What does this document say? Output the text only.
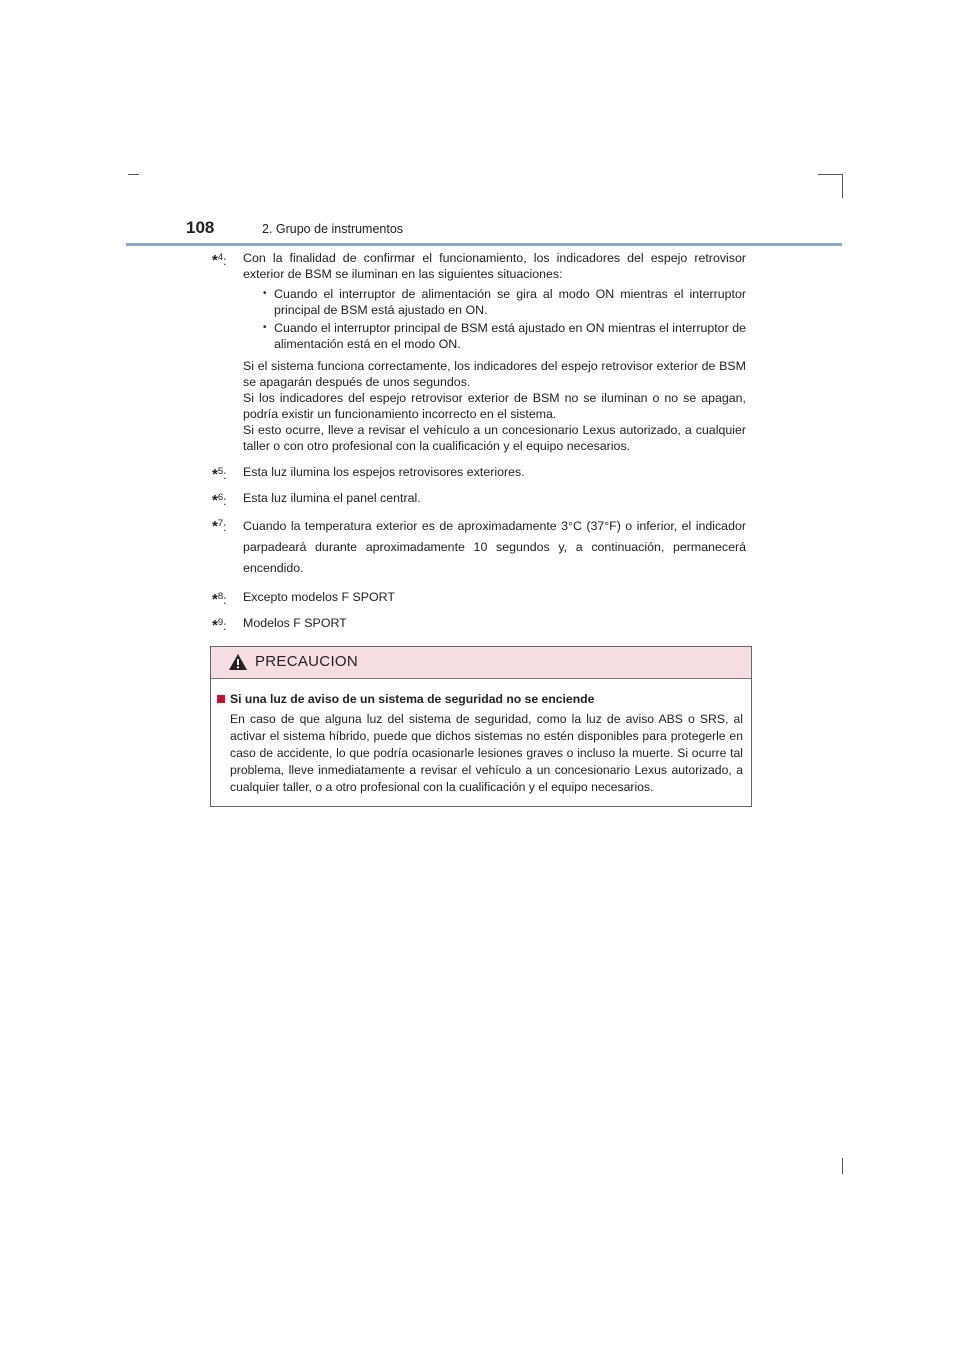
108	2. Grupo de instrumentos
*$^4$: Con la finalidad de confirmar el funcionamiento, los indicadores del espejo retrovisor exterior de BSM se iluminan en las siguientes situaciones:

• Cuando el interruptor de alimentación se gira al modo ON mientras el interruptor principal de BSM está ajustado en ON.
• Cuando el interruptor principal de BSM está ajustado en ON mientras el interruptor de alimentación está en el modo ON.
Si el sistema funciona correctamente, los indicadores del espejo retrovisor exterior de BSM se apagarán después de unos segundos.
Si los indicadores del espejo retrovisor exterior de BSM no se iluminan o no se apagan, podría existir un funcionamiento incorrecto en el sistema.
Si esto ocurre, lleve a revisar el vehículo a un concesionario Lexus autorizado, a cualquier taller o con otro profesional con la cualificación y el equipo necesarios.
*$^5$: Esta luz ilumina los espejos retrovisores exteriores.

*$^6$: Esta luz ilumina el panel central.

*$^7$: Cuando la temperatura exterior es de aproximadamente 3°C (37°F) o inferior, el indicador parpadeará durante aproximadamente 10 segundos y, a continuación, permanecerá encendido.

*$^8$: Excepto modelos F SPORT

*$^9$: Modelos F SPORT

PRECAUCION
Si una luz de aviso de un sistema de seguridad no se enciende
En caso de que alguna luz del sistema de seguridad, como la luz de aviso ABS o SRS, al activar el sistema híbrido, puede que dichos sistemas no estén disponibles para protegerle en caso de accidente, lo que podría ocasionarle lesiones graves o incluso la muerte. Si ocurre tal problema, lleve inmediatamente a revisar el vehículo a un concesionario Lexus autorizado, a cualquier taller, o a otro profesional con la cualificación y el equipo necesarios.
